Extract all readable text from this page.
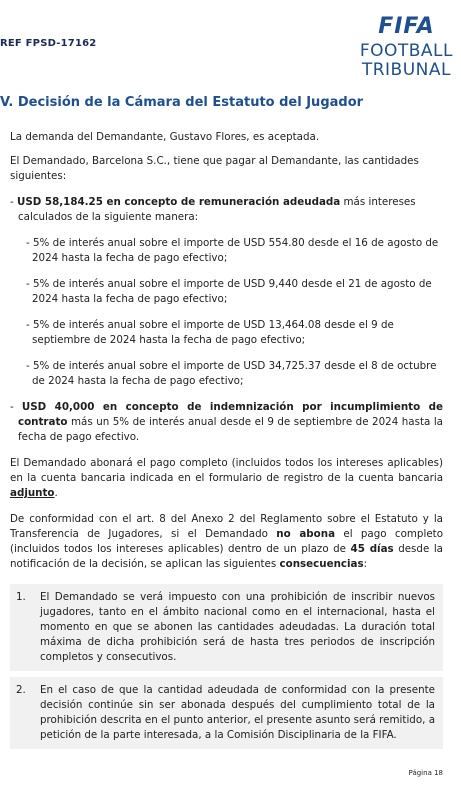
REF FPSD-17162
FIFA
FOOTBALL
TRIBUNAL
V. Decisión de la Cámara del Estatuto del Jugador

La demanda del Demandante, Gustavo Flores, es aceptada.

El Demandado, Barcelona S.C., tiene que pagar al Demandante, las cantidades siguientes:

- USD 58,184.25 en concepto de remuneración adeudada más intereses calculados de la siguiente manera:

- 5% de interés anual sobre el importe de USD 554.80 desde el 16 de agosto de 2024 hasta la fecha de pago efectivo;

- 5% de interés anual sobre el importe de USD 9,440 desde el 21 de agosto de 2024 hasta la fecha de pago efectivo;

- 5% de interés anual sobre el importe de USD 13,464.08 desde el 9 de septiembre de 2024 hasta la fecha de pago efectivo;

- 5% de interés anual sobre el importe de USD 34,725.37 desde el 8 de octubre de 2024 hasta la fecha de pago efectivo;

- USD 40,000 en concepto de indemnización por incumplimiento de contrato más un 5% de interés anual desde el 9 de septiembre de 2024 hasta la fecha de pago efectivo.

El Demandado abonará el pago completo (incluidos todos los intereses aplicables) en la cuenta bancaria indicada en el formulario de registro de la cuenta bancaria adjunto.

De conformidad con el art. 8 del Anexo 2 del Reglamento sobre el Estatuto y la Transferencia de Jugadores, si el Demandado no abona el pago completo (incluidos todos los intereses aplicables) dentro de un plazo de 45 días desde la notificación de la decisión, se aplican las siguientes consecuencias:

1.	El Demandado se verá impuesto con una prohibición de inscribir nuevos jugadores, tanto en el ámbito nacional como en el internacional, hasta el momento en que se abonen las cantidades adeudadas. La duración total máxima de dicha prohibición será de hasta tres periodos de inscripción completos y consecutivos.
2.	En el caso de que la cantidad adeudada de conformidad con la presente decisión continúe sin ser abonada después del cumplimiento total de la prohibición descrita en el punto anterior, el presente asunto será remitido, a petición de la parte interesada, a la Comisión Disciplinaria de la FIFA.
Página 18
